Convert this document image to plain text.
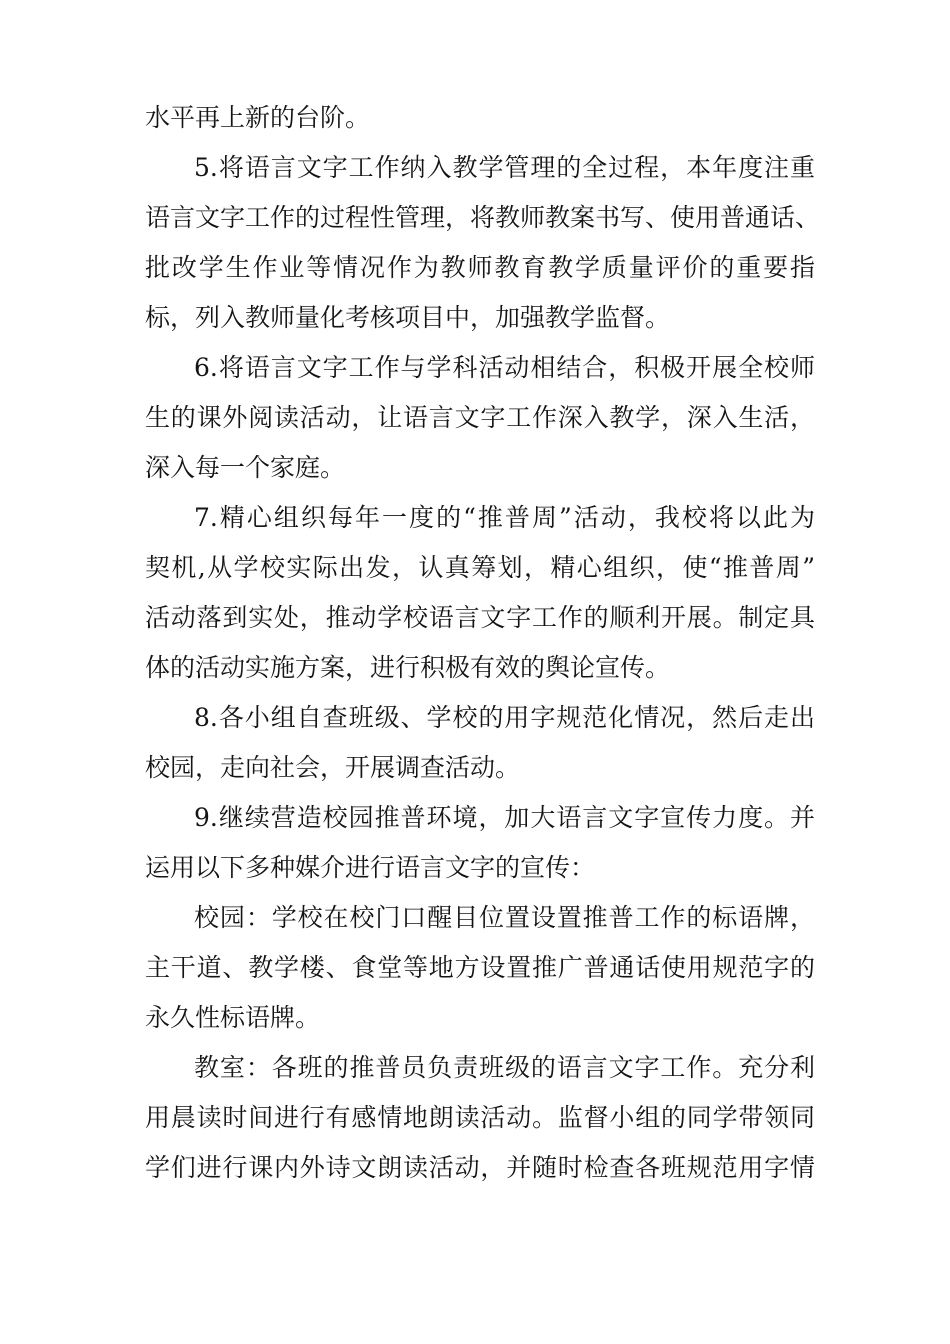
水平再上新的台阶。
5.将语言文字工作纳入教学管理的全过程，本年度注重
语言文字工作的过程性管理，将教师教案书写、使用普通话、
批改学生作业等情况作为教师教育教学质量评价的重要指
标，列入教师量化考核项目中，加强教学监督。
6.将语言文字工作与学科活动相结合，积极开展全校师
生的课外阅读活动，让语言文字工作深入教学，深入生活，
深入每一个家庭。
7.精心组织每年一度的“推普周”活动，我校将以此为
契机,从学校实际出发，认真筹划，精心组织，使“推普周”
活动落到实处，推动学校语言文字工作的顺利开展。制定具
体的活动实施方案，进行积极有效的舆论宣传。
8.各小组自查班级、学校的用字规范化情况，然后走出
校园，走向社会，开展调查活动。
9.继续营造校园推普环境，加大语言文字宣传力度。并
运用以下多种媒介进行语言文字的宣传：
校园：学校在校门口醒目位置设置推普工作的标语牌，
主干道、教学楼、食堂等地方设置推广普通话使用规范字的
永久性标语牌。
教室：各班的推普员负责班级的语言文字工作。充分利
用晨读时间进行有感情地朗读活动。监督小组的同学带领同
学们进行课内外诗文朗读活动，并随时检查各班规范用字情
